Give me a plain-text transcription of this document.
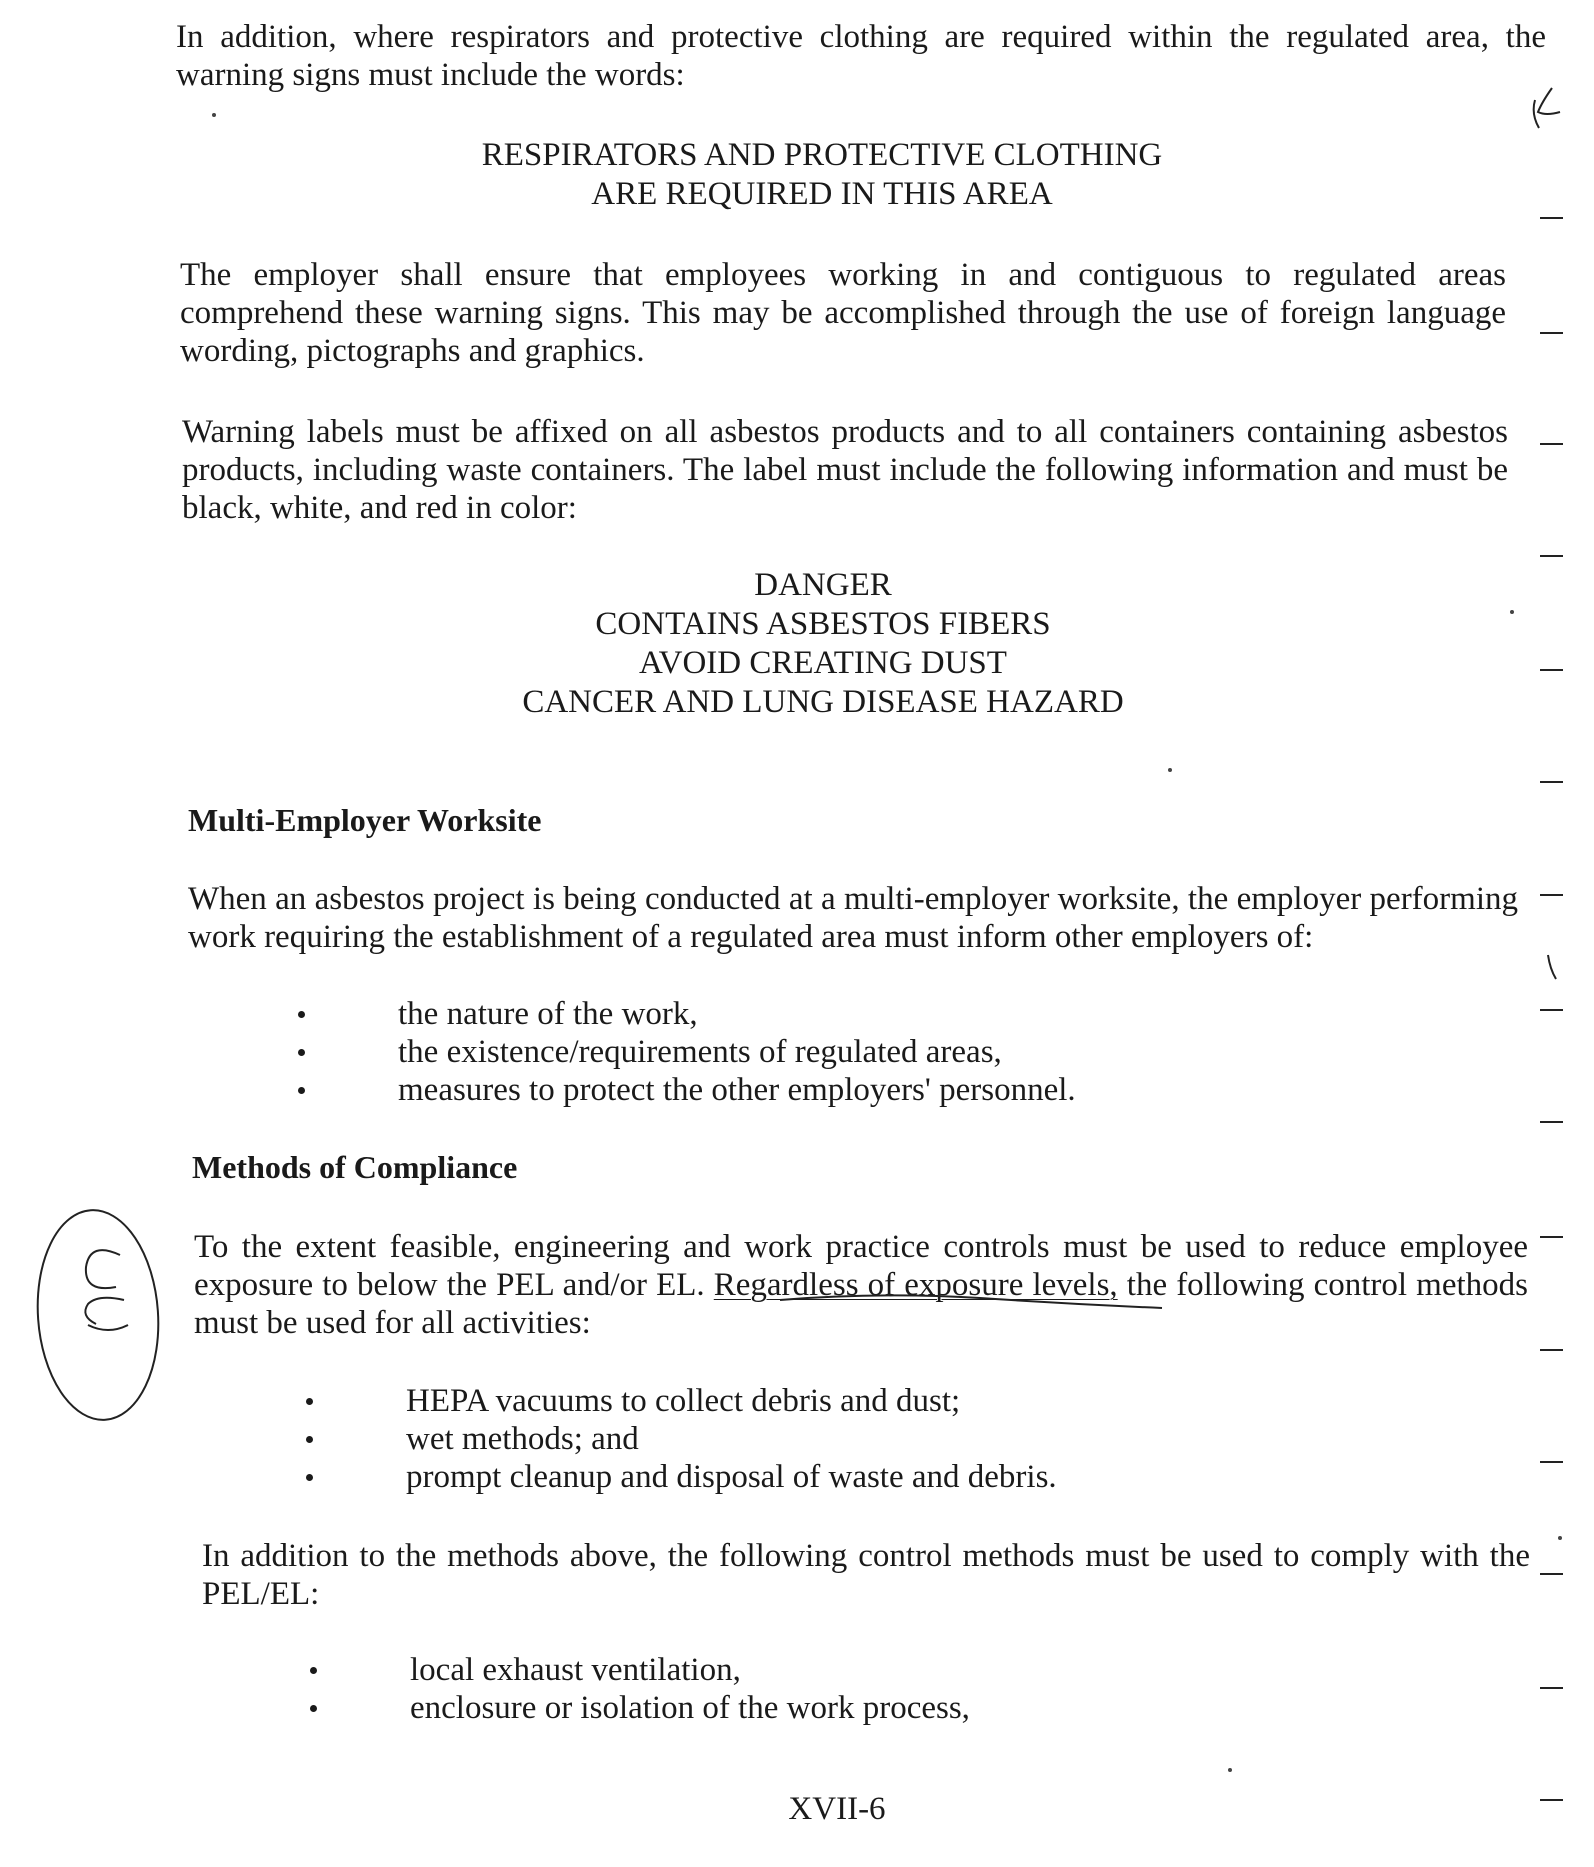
In addition, where respirators and protective clothing are required within the regulated area, the warning signs must include the words:

RESPIRATORS AND PROTECTIVE CLOTHING
ARE REQUIRED IN THIS AREA

The employer shall ensure that employees working in and contiguous to regulated areas comprehend these warning signs. This may be accomplished through the use of foreign language wording, pictographs and graphics.

Warning labels must be affixed on all asbestos products and to all containers containing asbestos products, including waste containers. The label must include the following information and must be black, white, and red in color:

DANGER
CONTAINS ASBESTOS FIBERS
AVOID CREATING DUST
CANCER AND LUNG DISEASE HAZARD
Multi-Employer Worksite

When an asbestos project is being conducted at a multi-employer worksite, the employer performing work requiring the establishment of a regulated area must inform other employers of:

the nature of the work,
the existence/requirements of regulated areas,
measures to protect the other employers' personnel.
Methods of Compliance

To the extent feasible, engineering and work practice controls must be used to reduce employee exposure to below the PEL and/or EL. Regardless of exposure levels, the following control methods must be used for all activities:

HEPA vacuums to collect debris and dust;
wet methods; and
prompt cleanup and disposal of waste and debris.

In addition to the methods above, the following control methods must be used to comply with the PEL/EL:

local exhaust ventilation,
enclosure or isolation of the work process,
XVII-6
